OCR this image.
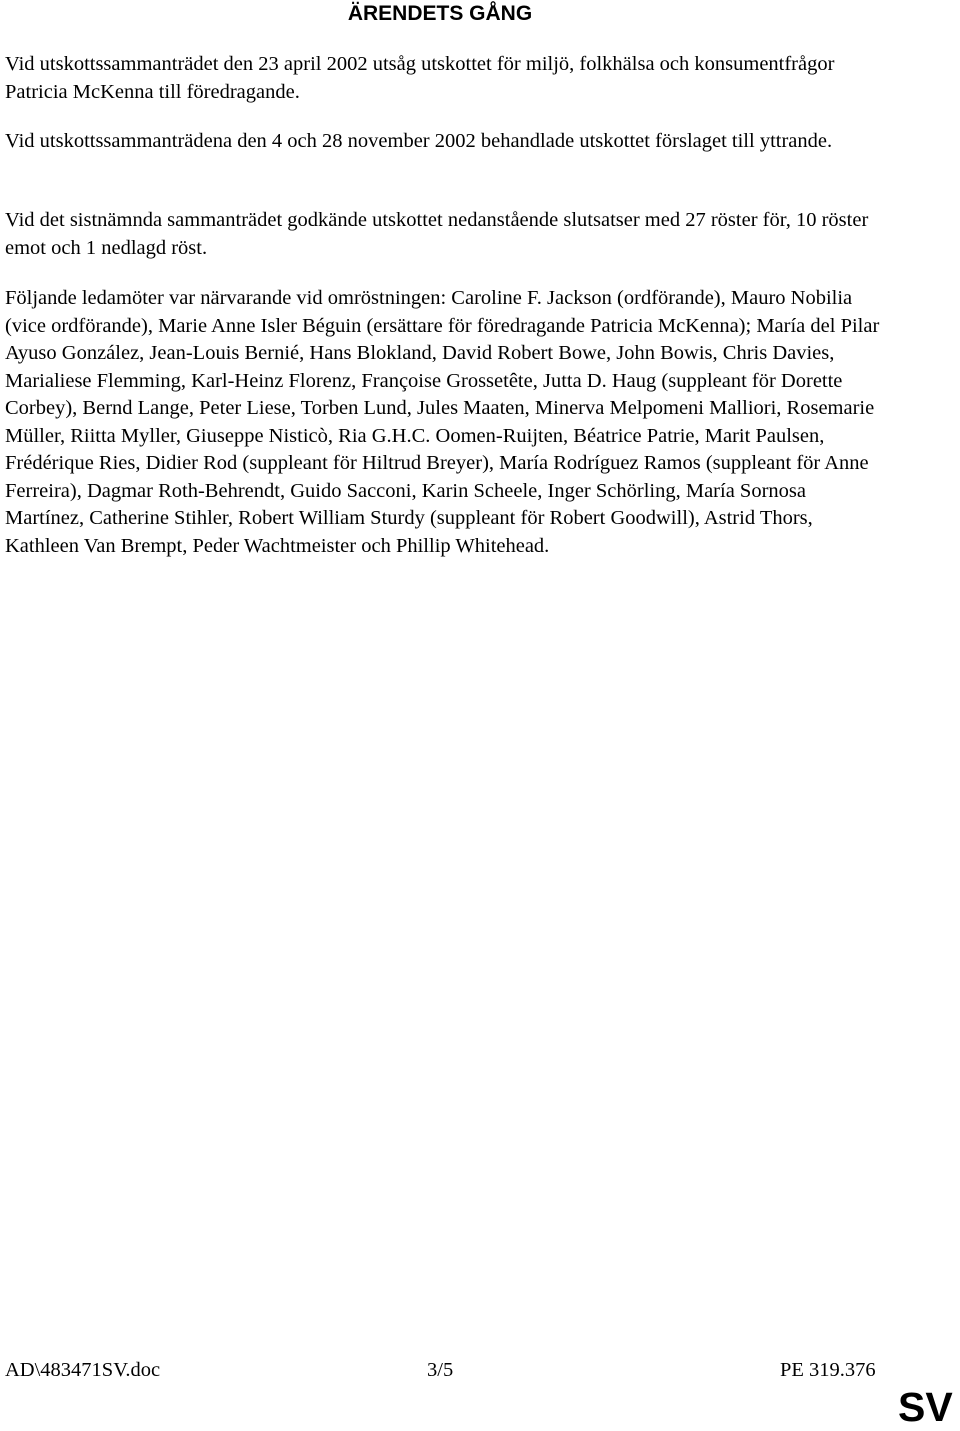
ÄRENDETS GÅNG

Vid utskottssammanträdet den 23 april 2002 utsåg utskottet för miljö, folkhälsa och konsumentfrågor Patricia McKenna till föredragande.

Vid utskottssammanträdena den 4 och 28 november 2002 behandlade utskottet förslaget till yttrande.

Vid det sistnämnda sammanträdet godkände utskottet nedanstående slutsatser med 27 röster för, 10 röster emot och 1 nedlagd röst.

Följande ledamöter var närvarande vid omröstningen: Caroline F. Jackson (ordförande), Mauro Nobilia (vice ordförande), Marie Anne Isler Béguin (ersättare för föredragande Patricia McKenna); María del Pilar Ayuso González, Jean-Louis Bernié, Hans Blokland, David Robert Bowe, John Bowis, Chris Davies, Marialiese Flemming, Karl-Heinz Florenz, Françoise Grossetête, Jutta D. Haug (suppleant för Dorette Corbey), Bernd Lange, Peter Liese, Torben Lund, Jules Maaten, Minerva Melpomeni Malliori, Rosemarie Müller, Riitta Myller, Giuseppe Nisticò, Ria G.H.C. Oomen-Ruijten, Béatrice Patrie, Marit Paulsen, Frédérique Ries, Didier Rod (suppleant för Hiltrud Breyer), María Rodríguez Ramos (suppleant för Anne Ferreira), Dagmar Roth-Behrendt, Guido Sacconi, Karin Scheele, Inger Schörling, María Sornosa Martínez, Catherine Stihler, Robert William Sturdy (suppleant för Robert Goodwill), Astrid Thors, Kathleen Van Brempt, Peder Wachtmeister och Phillip Whitehead.

AD\483471SV.doc	3/5	PE 319.376
SV
